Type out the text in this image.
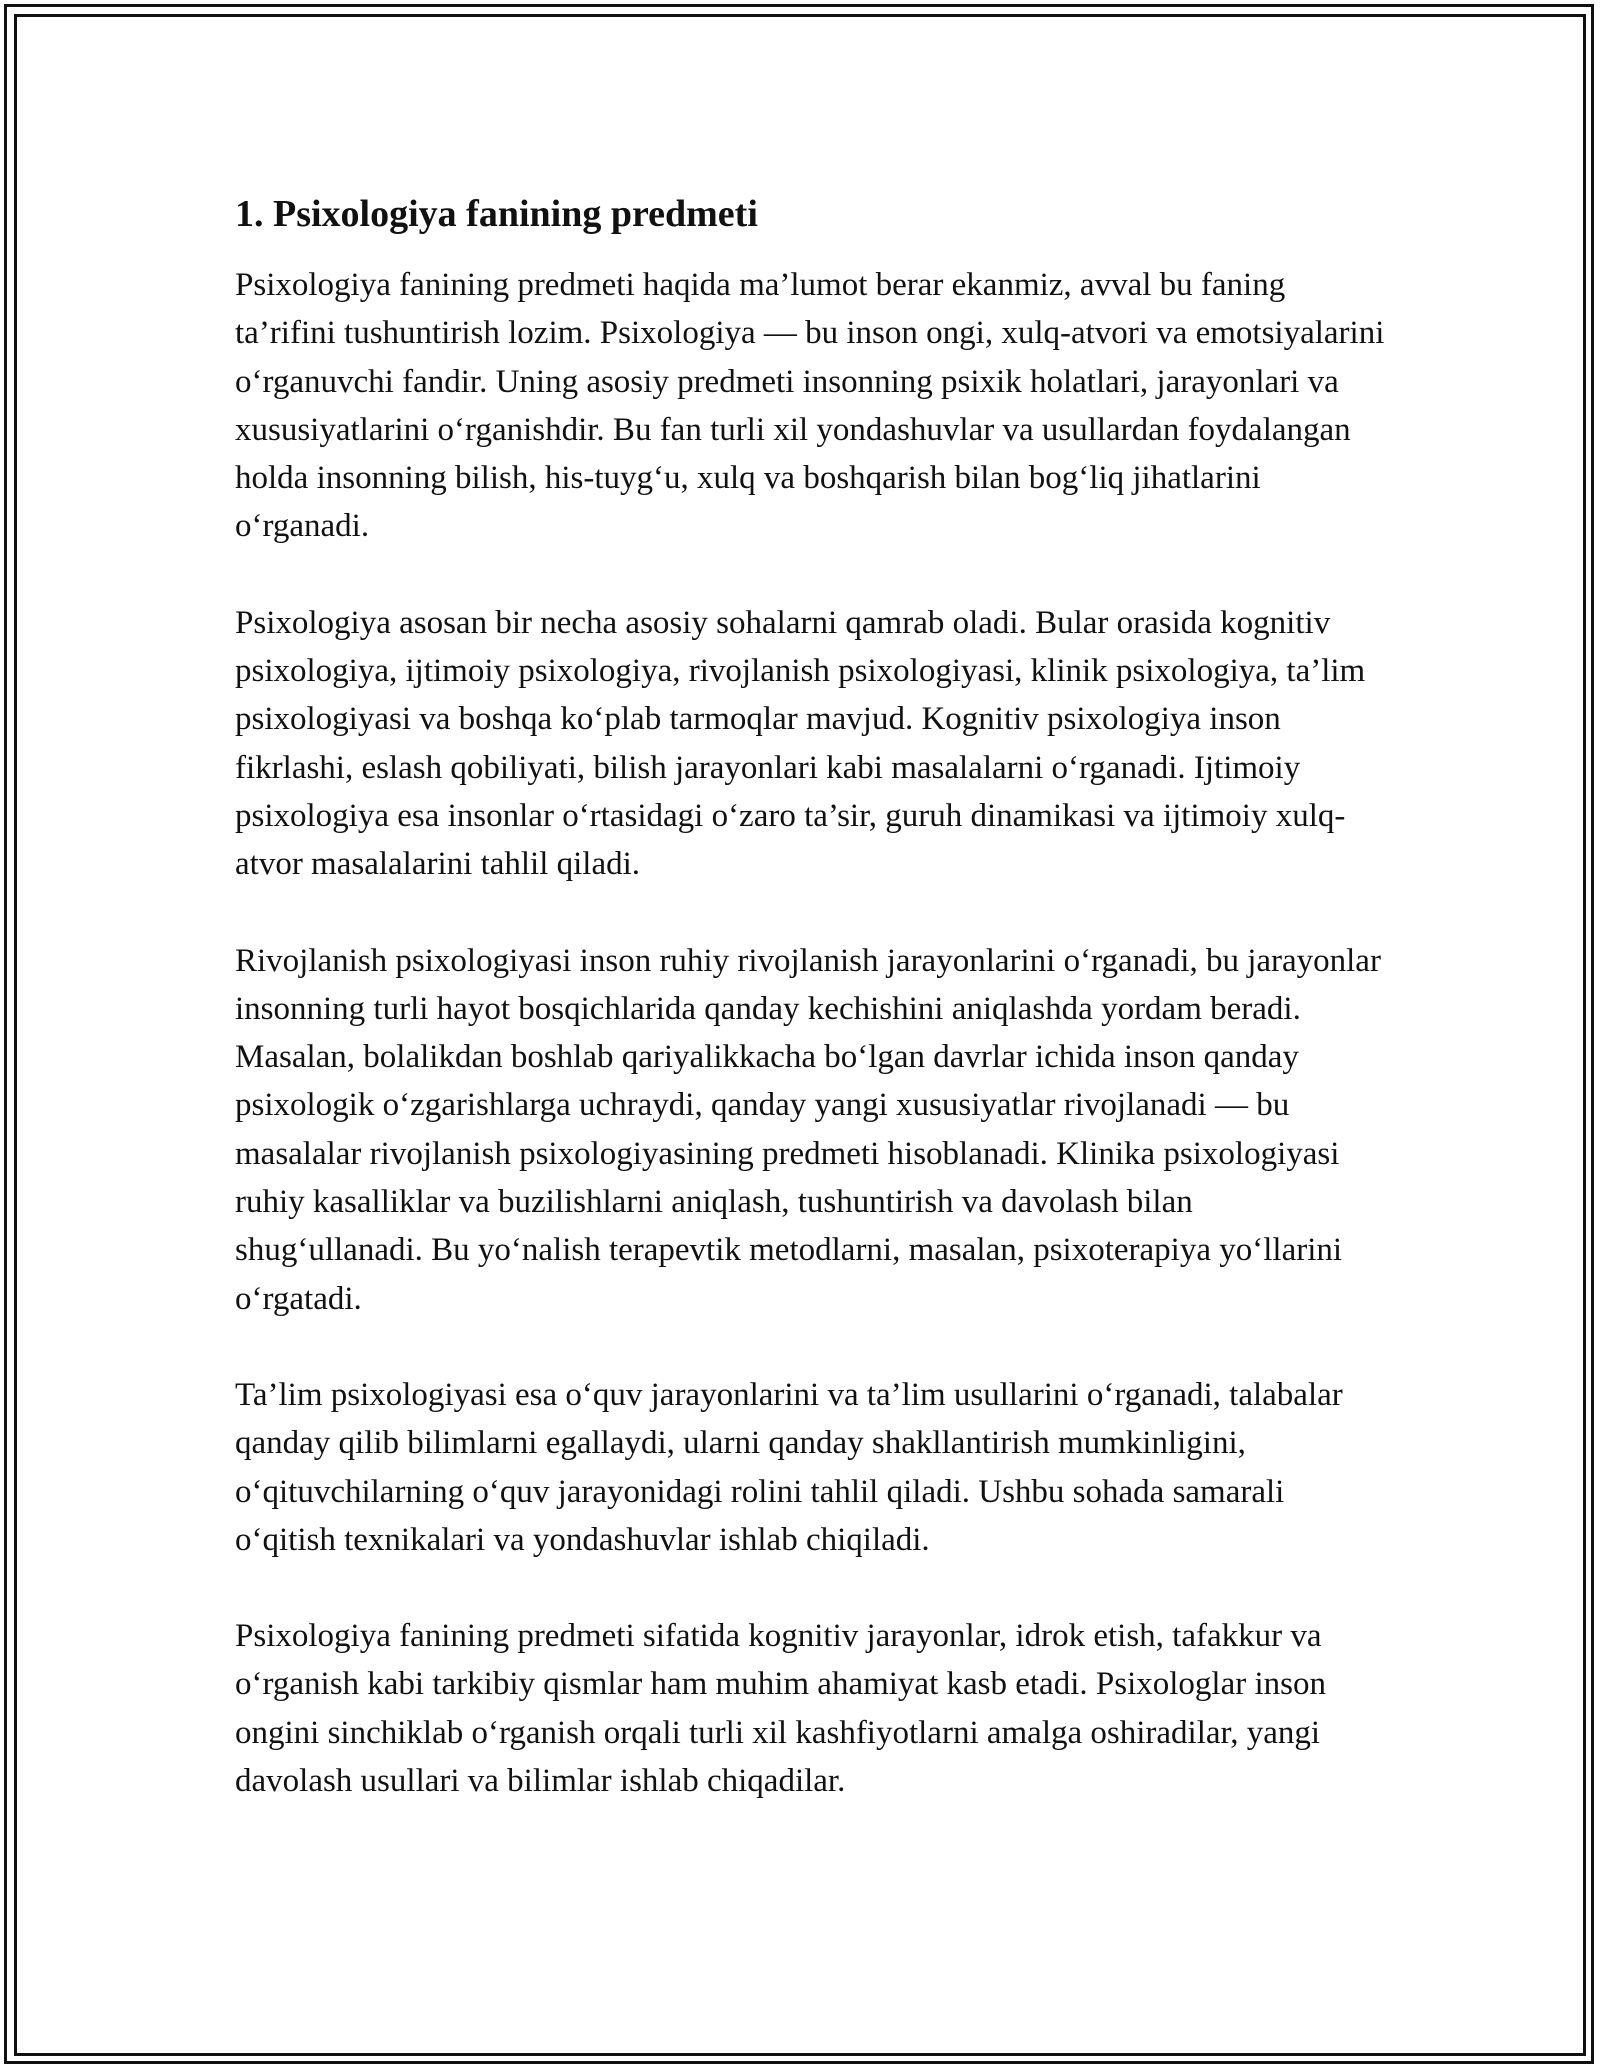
1. Psixologiya fanining predmeti

Psixologiya fanining predmeti haqida ma’lumot berar ekanmiz, avval bu faning ta’rifini tushuntirish lozim. Psixologiya — bu inson ongi, xulq-atvori va emotsiyalarini o‘rganuvchi fandir. Uning asosiy predmeti insonning psixik holatlari, jarayonlari va xususiyatlarini o‘rganishdir. Bu fan turli xil yondashuvlar va usullardan foydalangan holda insonning bilish, his-tuyg‘u, xulq va boshqarish bilan bog‘liq jihatlarini o‘rganadi.

Psixologiya asosan bir necha asosiy sohalarni qamrab oladi. Bular orasida kognitiv psixologiya, ijtimoiy psixologiya, rivojlanish psixologiyasi, klinik psixologiya, ta’lim psixologiyasi va boshqa ko‘plab tarmoqlar mavjud. Kognitiv psixologiya inson fikrlashi, eslash qobiliyati, bilish jarayonlari kabi masalalarni o‘rganadi. Ijtimoiy psixologiya esa insonlar o‘rtasidagi o‘zaro ta’sir, guruh dinamikasi va ijtimoiy xulq-atvor masalalarini tahlil qiladi.

Rivojlanish psixologiyasi inson ruhiy rivojlanish jarayonlarini o‘rganadi, bu jarayonlar insonning turli hayot bosqichlarida qanday kechishini aniqlashda yordam beradi. Masalan, bolalikdan boshlab qariyalikkacha bo‘lgan davrlar ichida inson qanday psixologik o‘zgarishlarga uchraydi, qanday yangi xususiyatlar rivojlanadi — bu masalalar rivojlanish psixologiyasining predmeti hisoblanadi. Klinika psixologiyasi ruhiy kasalliklar va buzilishlarni aniqlash, tushuntirish va davolash bilan shug‘ullanadi. Bu yo‘nalish terapevtik metodlarni, masalan, psixoterapiya yo‘llarini o‘rgatadi.

Ta’lim psixologiyasi esa o‘quv jarayonlarini va ta’lim usullarini o‘rganadi, talabalar qanday qilib bilimlarni egallaydi, ularni qanday shakllantirish mumkinligini, o‘qituvchilarning o‘quv jarayonidagi rolini tahlil qiladi. Ushbu sohada samarali o‘qitish texnikalari va yondashuvlar ishlab chiqiladi.

Psixologiya fanining predmeti sifatida kognitiv jarayonlar, idrok etish, tafakkur va o‘rganish kabi tarkibiy qismlar ham muhim ahamiyat kasb etadi. Psixologlar inson ongini sinchiklab o‘rganish orqali turli xil kashfiyotlarni amalga oshiradilar, yangi davolash usullari va bilimlar ishlab chiqadilar.
